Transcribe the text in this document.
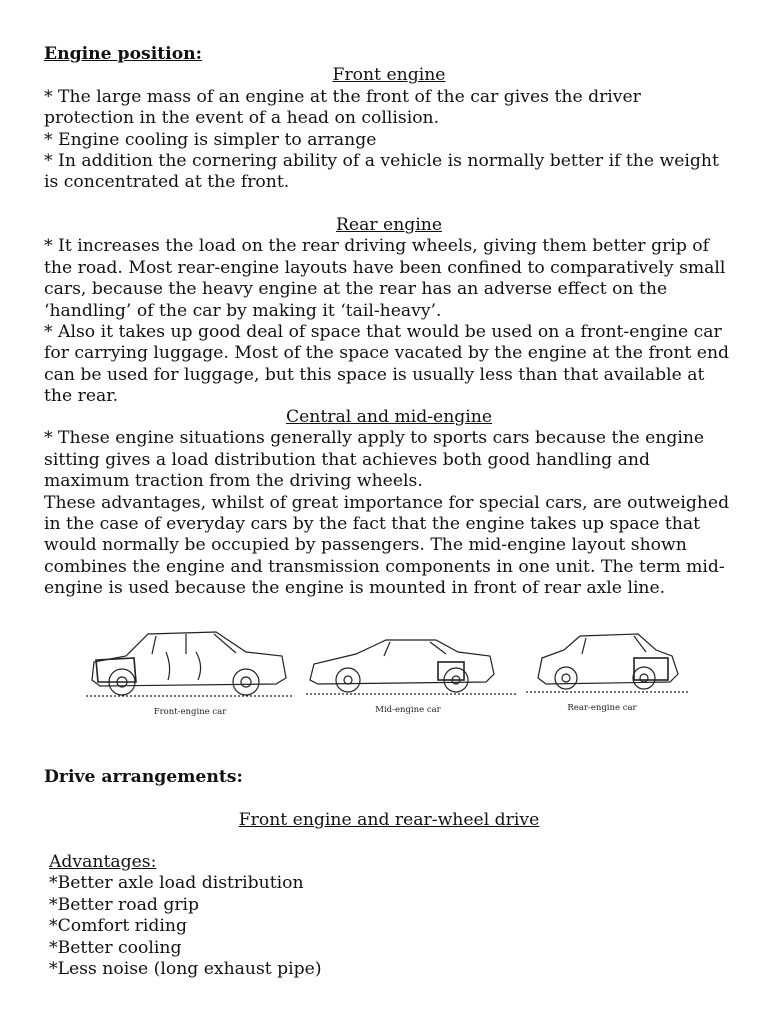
Engine position:

Front engine

* The large mass of an engine at the front of the car gives the driver protection in the event of a head on collision.

* Engine cooling is simpler to arrange

* In addition the cornering ability of a vehicle is normally better if the weight is concentrated at the front.

Rear engine

* It increases the load on the rear driving wheels, giving them better grip of the road. Most rear-engine layouts have been confined to comparatively small cars, because the heavy engine at the rear has an adverse effect on the ‘handling’ of the car by making it ‘tail-heavy’.

* Also it takes up good deal of space that would be used on a front-engine car for carrying luggage. Most of the space vacated by the engine at the front end can be used for luggage, but this space is usually less than that available at the rear.

Central and mid-engine

* These engine situations generally apply to sports cars because the engine sitting gives a load distribution that achieves both good handling and maximum traction from the driving wheels.

These advantages, whilst of great importance for special cars, are outweighed in the case of everyday cars by the fact that the engine takes up space that would normally be occupied by passengers. The mid-engine layout shown combines the engine and transmission components in one unit. The term mid-engine is used because the engine is mounted in front of rear axle line.

Front-engine car	Mid-engine car	Rear-engine car

Drive arrangements:

Front engine and rear-wheel drive

Advantages:

*Better axle load distribution

*Better road grip

*Comfort riding

*Better cooling

*Less noise (long exhaust pipe)
